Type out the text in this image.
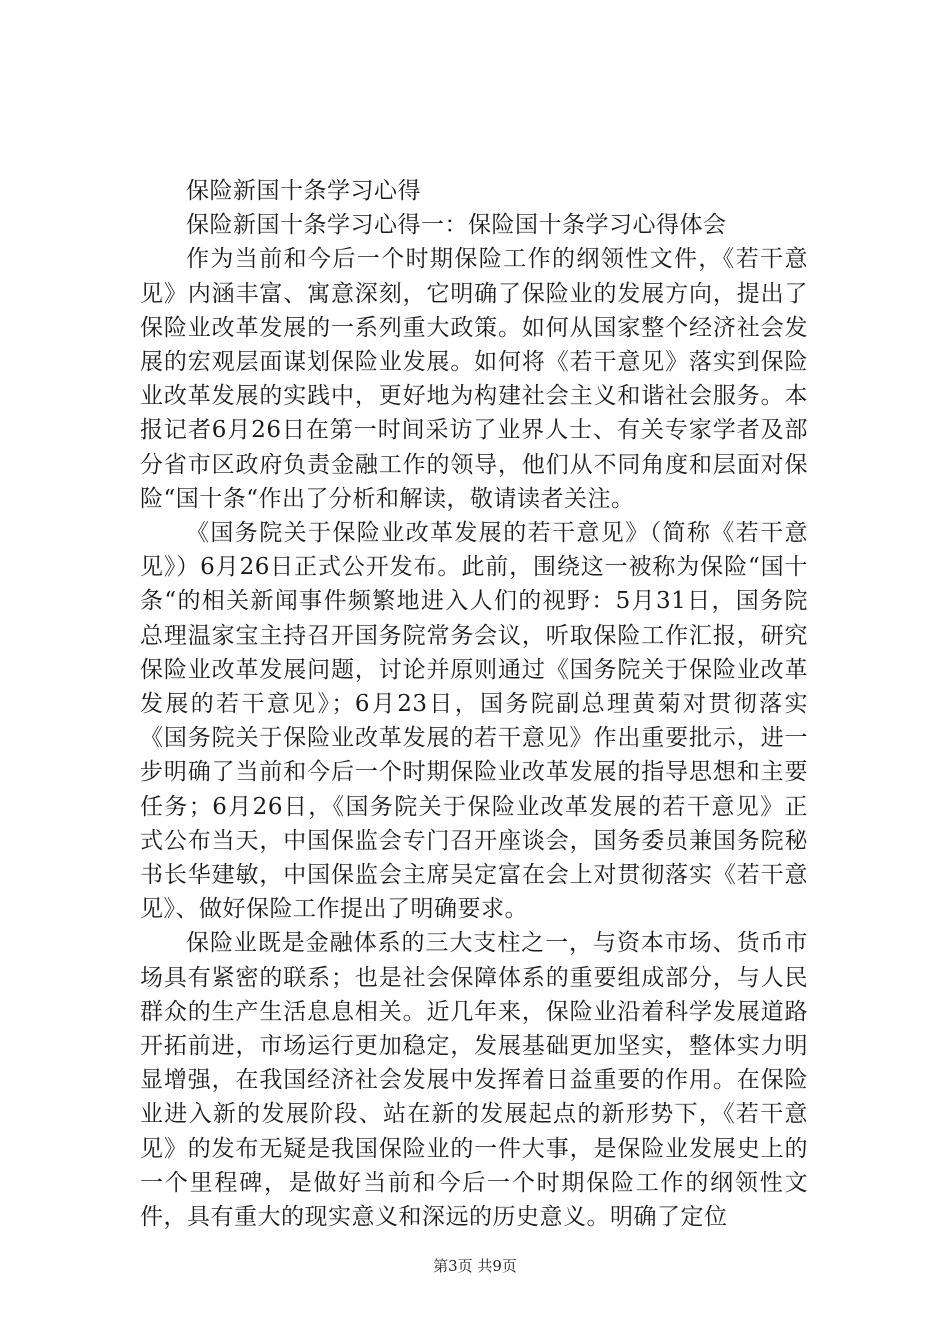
保险新国十条学习心得

保险新国十条学习心得一：保险国十条学习心得体会

作为当前和今后一个时期保险工作的纲领性文件，《若干意见》内涵丰富、寓意深刻，它明确了保险业的发展方向，提出了保险业改革发展的一系列重大政策。如何从国家整个经济社会发展的宏观层面谋划保险业发展。如何将《若干意见》落实到保险业改革发展的实践中，更好地为构建社会主义和谐社会服务。本报记者6月26日在第一时间采访了业界人士、有关专家学者及部分省市区政府负责金融工作的领导，他们从不同角度和层面对保险“国十条“作出了分析和解读，敬请读者关注。

《国务院关于保险业改革发展的若干意见》（简称《若干意见》）6月26日正式公开发布。此前，围绕这一被称为保险“国十条“的相关新闻事件频繁地进入人们的视野：5月31日，国务院总理温家宝主持召开国务院常务会议，听取保险工作汇报，研究保险业改革发展问题，讨论并原则通过《国务院关于保险业改革发展的若干意见》；6月23日，国务院副总理黄菊对贯彻落实《国务院关于保险业改革发展的若干意见》作出重要批示，进一步明确了当前和今后一个时期保险业改革发展的指导思想和主要任务；6月26日，《国务院关于保险业改革发展的若干意见》正式公布当天，中国保监会专门召开座谈会，国务委员兼国务院秘书长华建敏，中国保监会主席吴定富在会上对贯彻落实《若干意见》、做好保险工作提出了明确要求。

保险业既是金融体系的三大支柱之一，与资本市场、货币市场具有紧密的联系；也是社会保障体系的重要组成部分，与人民群众的生产生活息息相关。近几年来，保险业沿着科学发展道路开拓前进，市场运行更加稳定，发展基础更加坚实，整体实力明显增强，在我国经济社会发展中发挥着日益重要的作用。在保险业进入新的发展阶段、站在新的发展起点的新形势下，《若干意见》的发布无疑是我国保险业的一件大事，是保险业发展史上的一个里程碑，是做好当前和今后一个时期保险工作的纲领性文件，具有重大的现实意义和深远的历史意义。明确了定位

第3页 共9页
